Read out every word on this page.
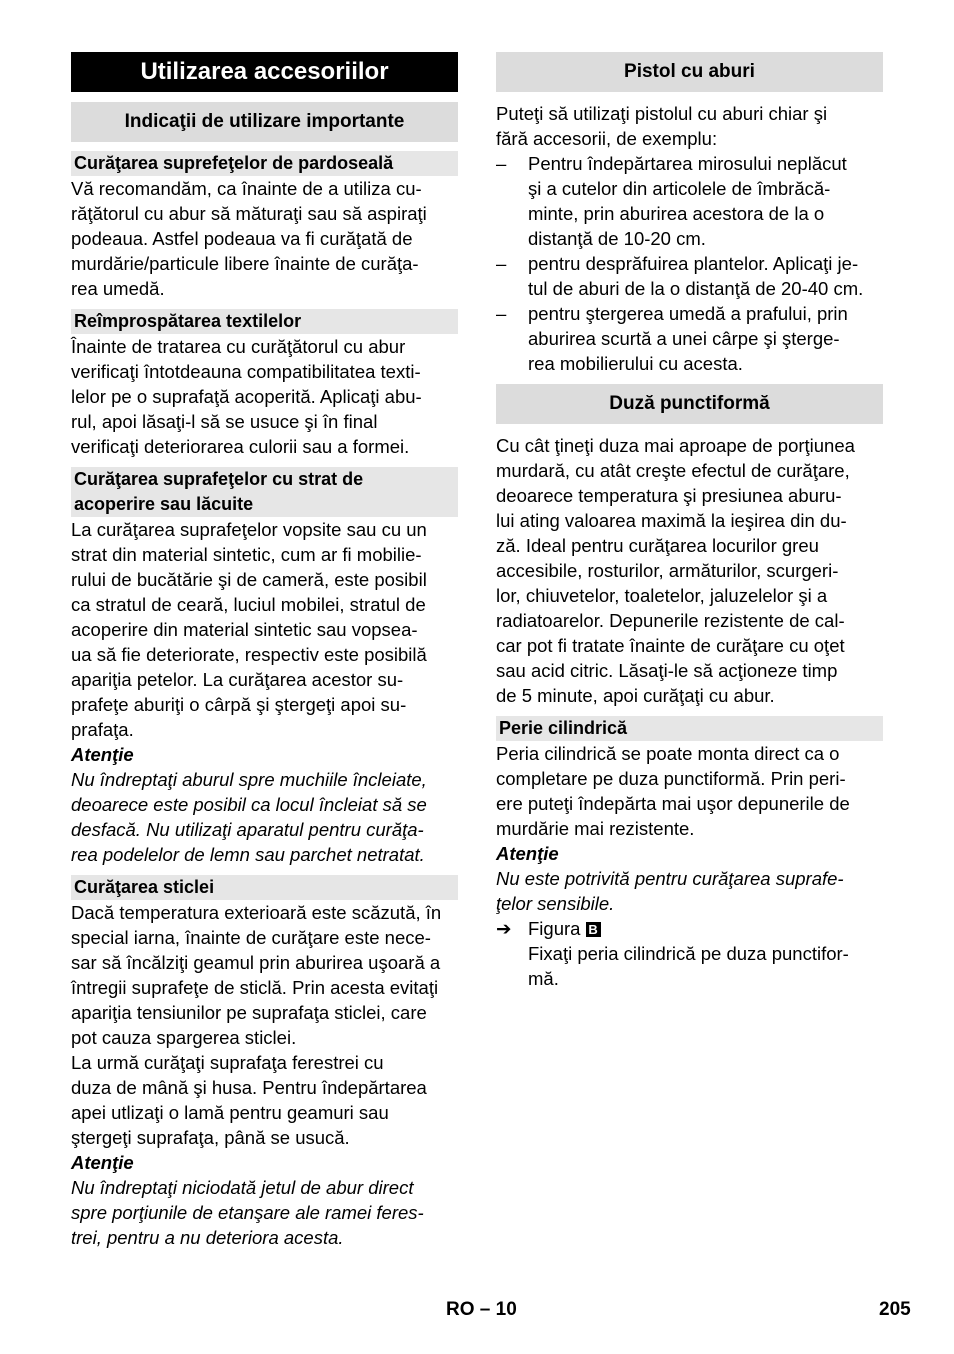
Utilizarea accesoriilor
Indicaţii de utilizare importante
Curăţarea suprefeţelor de pardoseală

Vă recomandăm, ca înainte de a utiliza cu-
răţătorul cu abur să măturaţi sau să aspiraţi
podeaua. Astfel podeaua va fi curăţată de
murdărie/particule libere înainte de curăţa-
rea umedă.

Reîmprospătarea textilelor

Înainte de tratarea cu curăţătorul cu abur
verificaţi întotdeauna compatibilitatea texti-
lelor pe o suprafaţă acoperită. Aplicaţi abu-
rul, apoi lăsaţi-l să se usuce şi în final
verificaţi deteriorarea culorii sau a formei.

Curăţarea suprafeţelor cu strat de
acoperire sau lăcuite

La curăţarea suprafeţelor vopsite sau cu un
strat din material sintetic, cum ar fi mobilie-
rului de bucătărie şi de cameră, este posibil
ca stratul de ceară, luciul mobilei, stratul de
acoperire din material sintetic sau vopsea-
ua să fie deteriorate, respectiv este posibilă
apariţia petelor. La curăţarea acestor su-
prafeţe aburiţi o cârpă şi ştergeţi apoi su-
prafaţa.

Atenţie

Nu îndreptaţi aburul spre muchiile încleiate,
deoarece este posibil ca locul încleiat să se
desfacă. Nu utilizaţi aparatul pentru curăţa-
rea podelelor de lemn sau parchet netratat.

Curăţarea sticlei

Dacă temperatura exterioară este scăzută, în
special iarna, înainte de curăţare este nece-
sar să încălziţi geamul prin aburirea uşoară a
întregii suprafeţe de sticlă. Prin acesta evitaţi
apariţia tensiunilor pe suprafaţa sticlei, care
pot cauza spargerea sticlei.

La urmă curăţaţi suprafaţa ferestrei cu
duza de mână şi husa. Pentru îndepărtarea
apei utlizaţi o lamă pentru geamuri sau
ştergeţi suprafaţa, până se usucă.

Atenţie

Nu îndreptaţi niciodată jetul de abur direct
spre porţiunile de etanşare ale ramei feres-
trei, pentru a nu deteriora acesta.

Pistol cu aburi

Puteţi să utilizaţi pistolul cu aburi chiar şi
fără accesorii, de exemplu:

– Pentru îndepărtarea mirosului neplăcut
şi a cutelor din articolele de îmbrăcă-
minte, prin aburirea acestora de la o
distanţă de 10-20 cm.
– pentru desprăfuirea plantelor. Aplicaţi je-
tul de aburi de la o distanţă de 20-40 cm.
– pentru ştergerea umedă a prafului, prin
aburirea scurtă a unei cârpe şi ştergе-
rea mobilierului cu acesta.
Duză punctiformă

Cu cât ţineţi duza mai aproape de porţiunea
murdară, cu atât creşte efectul de curăţare,
deoarece temperatura şi presiunea aburu-
lui ating valoarea maximă la ieşirea din du-
ză. Ideal pentru curăţarea locurilor greu
accesibile, rosturilor, armăturilor, scurgeri-
lor, chiuvetelor, toaletelor, jaluzelelor şi a
radiatoarelor. Depunerile rezistente de cal-
car pot fi tratate înainte de curăţare cu oţet
sau acid citric. Lăsaţi-le să acţioneze timp
de 5 minute, apoi curăţaţi cu abur.

Perie cilindrică

Peria cilindrică se poate monta direct ca o
completare pe duza punctiformă. Prin peri-
ere puteţi îndepărta mai uşor depunerile de
murdărie mai rezistente.

Atenţie

Nu este potrivită pentru curăţarea suprafe-
ţelor sensibile.

➔ Figura B
Fixaţi peria cilindrică pe duza punctifor-
mă.
RO – 10	205
